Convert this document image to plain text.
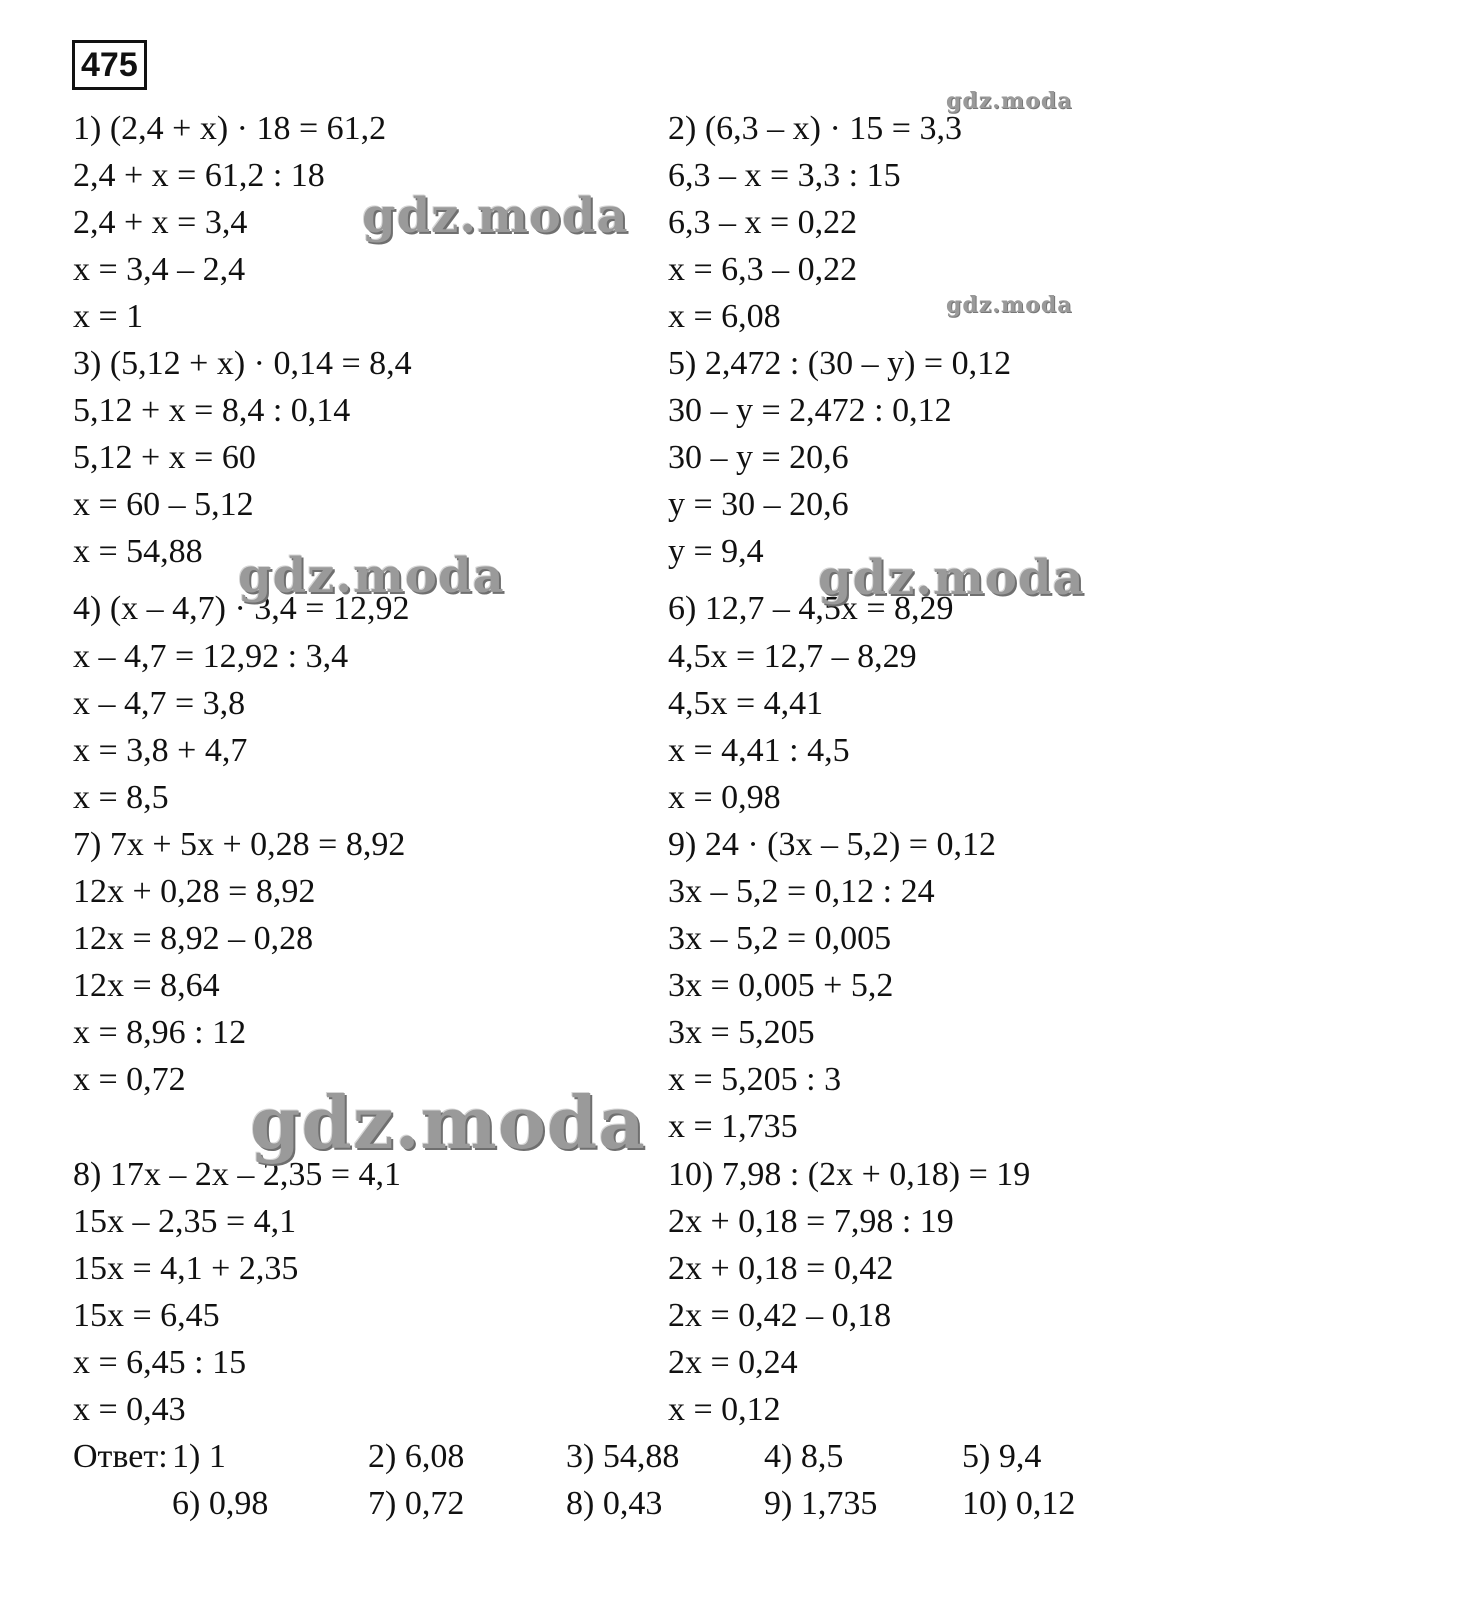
475
1) (2,4 + x) · 18 = 61,2
2,4 + x = 61,2 : 18
2,4 + x = 3,4
x = 3,4 – 2,4
x = 1
3) (5,12 + x) · 0,14 = 8,4
5,12 + x = 8,4 : 0,14
5,12 + x = 60
x = 60 – 5,12
x = 54,88
4) (x – 4,7) · 3,4 = 12,92
x – 4,7 = 12,92 : 3,4
x – 4,7 = 3,8
x = 3,8 + 4,7
x = 8,5
7) 7x + 5x + 0,28 = 8,92
12x + 0,28 = 8,92
12x = 8,92 – 0,28
12x = 8,64
x = 8,96 : 12
x = 0,72
8) 17x – 2x – 2,35 = 4,1
15x – 2,35 = 4,1
15x = 4,1 + 2,35
15x = 6,45
x = 6,45 : 15
x = 0,43
2) (6,3 – x) · 15 = 3,3
6,3 – x = 3,3 : 15
6,3 – x = 0,22
x = 6,3 – 0,22
x = 6,08
5) 2,472 : (30 – y) = 0,12
30 – y = 2,472 : 0,12
30 – y = 20,6
y = 30 – 20,6
y = 9,4
6) 12,7 – 4,5x = 8,29
4,5x = 12,7 – 8,29
4,5x = 4,41
x = 4,41 : 4,5
x = 0,98
9) 24 · (3x – 5,2) = 0,12
3x – 5,2 = 0,12 : 24
3x – 5,2 = 0,005
3x = 0,005 + 5,2
3x = 5,205
x = 5,205 : 3
x = 1,735
10) 7,98 : (2x + 0,18) = 19
2x + 0,18 = 7,98 : 19
2x + 0,18 = 0,42
2x = 0,42 – 0,18
2x = 0,24
x = 0,12
Ответ: 1) 1	2) 6,08	3) 54,88 4) 8,5	5) 9,4
6) 0,98	7) 0,72	8) 0,43	9) 1,735 10) 0,12
gdz.moda
gdz.moda
gdz.moda
gdz.moda	gdz.moda
gdz.moda
